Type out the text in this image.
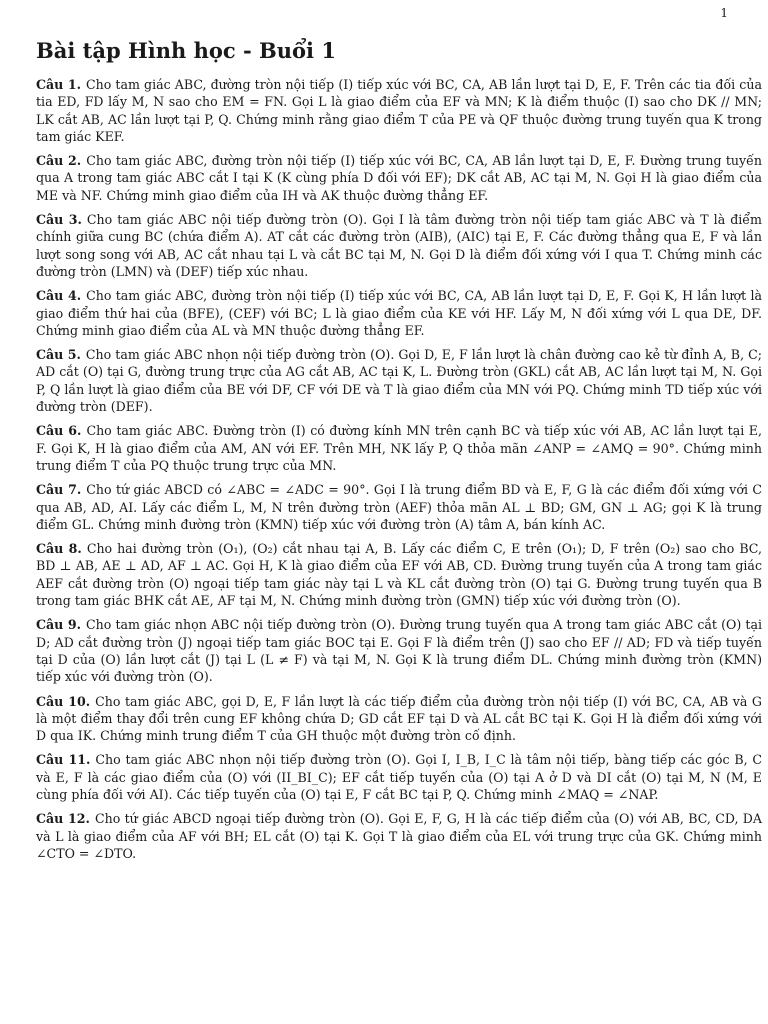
1
Bài tập Hình học - Buổi 1

Câu 1. Cho tam giác ABC, đường tròn nội tiếp (I) tiếp xúc với BC, CA, AB lần lượt tại D, E, F. Trên các tia đối của tia ED, FD lấy M, N sao cho EM = FN. Gọi L là giao điểm của EF và MN; K là điểm thuộc (I) sao cho DK // MN; LK cắt AB, AC lần lượt tại P, Q. Chứng minh rằng giao điểm T của PE và QF thuộc đường trung tuyến qua K trong tam giác KEF.

Câu 2. Cho tam giác ABC, đường tròn nội tiếp (I) tiếp xúc với BC, CA, AB lần lượt tại D, E, F. Đường trung tuyến qua A trong tam giác ABC cắt I tại K (K cùng phía D đối với EF); DK cắt AB, AC tại M, N. Gọi H là giao điểm của ME và NF. Chứng minh giao điểm của IH và AK thuộc đường thẳng EF.

Câu 3. Cho tam giác ABC nội tiếp đường tròn (O). Gọi I là tâm đường tròn nội tiếp tam giác ABC và T là điểm chính giữa cung BC (chứa điểm A). AT cắt các đường tròn (AIB), (AIC) tại E, F. Các đường thẳng qua E, F và lần lượt song song với AB, AC cắt nhau tại L và cắt BC tại M, N. Gọi D là điểm đối xứng với I qua T. Chứng minh các đường tròn (LMN) và (DEF) tiếp xúc nhau.

Câu 4. Cho tam giác ABC, đường tròn nội tiếp (I) tiếp xúc với BC, CA, AB lần lượt tại D, E, F. Gọi K, H lần lượt là giao điểm thứ hai của (BFE), (CEF) với BC; L là giao điểm của KE với HF. Lấy M, N đối xứng với L qua DE, DF. Chứng minh giao điểm của AL và MN thuộc đường thẳng EF.

Câu 5. Cho tam giác ABC nhọn nội tiếp đường tròn (O). Gọi D, E, F lần lượt là chân đường cao kẻ từ đỉnh A, B, C; AD cắt (O) tại G, đường trung trực của AG cắt AB, AC tại K, L. Đường tròn (GKL) cắt AB, AC lần lượt tại M, N. Gọi P, Q lần lượt là giao điểm của BE với DF, CF với DE và T là giao điểm của MN với PQ. Chứng minh TD tiếp xúc với đường tròn (DEF).

Câu 6. Cho tam giác ABC. Đường tròn (I) có đường kính MN trên cạnh BC và tiếp xúc với AB, AC lần lượt tại E, F. Gọi K, H là giao điểm của AM, AN với EF. Trên MH, NK lấy P, Q thỏa mãn ∠ANP = ∠AMQ = 90°. Chứng minh trung điểm T của PQ thuộc trung trực của MN.

Câu 7. Cho tứ giác ABCD có ∠ABC = ∠ADC = 90°. Gọi I là trung điểm BD và E, F, G là các điểm đối xứng với C qua AB, AD, AI. Lấy các điểm L, M, N trên đường tròn (AEF) thỏa mãn AL ⊥ BD; GM, GN ⊥ AG; gọi K là trung điểm GL. Chứng minh đường tròn (KMN) tiếp xúc với đường tròn (A) tâm A, bán kính AC.

Câu 8. Cho hai đường tròn (O₁), (O₂) cắt nhau tại A, B. Lấy các điểm C, E trên (O₁); D, F trên (O₂) sao cho BC, BD ⊥ AB, AE ⊥ AD, AF ⊥ AC. Gọi H, K là giao điểm của EF với AB, CD. Đường trung tuyến của A trong tam giác AEF cắt đường tròn (O) ngoại tiếp tam giác này tại L và KL cắt đường tròn (O) tại G. Đường trung tuyến qua B trong tam giác BHK cắt AE, AF tại M, N. Chứng minh đường tròn (GMN) tiếp xúc với đường tròn (O).

Câu 9. Cho tam giác nhọn ABC nội tiếp đường tròn (O). Đường trung tuyến qua A trong tam giác ABC cắt (O) tại D; AD cắt đường tròn (J) ngoại tiếp tam giác BOC tại E. Gọi F là điểm trên (J) sao cho EF // AD; FD và tiếp tuyến tại D của (O) lần lượt cắt (J) tại L (L ≠ F) và tại M, N. Gọi K là trung điểm DL. Chứng minh đường tròn (KMN) tiếp xúc với đường tròn (O).

Câu 10. Cho tam giác ABC, gọi D, E, F lần lượt là các tiếp điểm của đường tròn nội tiếp (I) với BC, CA, AB và G là một điểm thay đổi trên cung EF không chứa D; GD cắt EF tại D và AL cắt BC tại K. Gọi H là điểm đối xứng với D qua IK. Chứng minh trung điểm T của GH thuộc một đường tròn cố định.

Câu 11. Cho tam giác ABC nhọn nội tiếp đường tròn (O). Gọi I, I_B, I_C là tâm nội tiếp, bàng tiếp các góc B, C và E, F là các giao điểm của (O) với (II_BI_C); EF cắt tiếp tuyến của (O) tại A ở D và DI cắt (O) tại M, N (M, E cùng phía đối với AI). Các tiếp tuyến của (O) tại E, F cắt BC tại P, Q. Chứng minh ∠MAQ = ∠NAP.

Câu 12. Cho tứ giác ABCD ngoại tiếp đường tròn (O). Gọi E, F, G, H là các tiếp điểm của (O) với AB, BC, CD, DA và L là giao điểm của AF với BH; EL cắt (O) tại K. Gọi T là giao điểm của EL với trung trực của GK. Chứng minh ∠CTO = ∠DTO.
